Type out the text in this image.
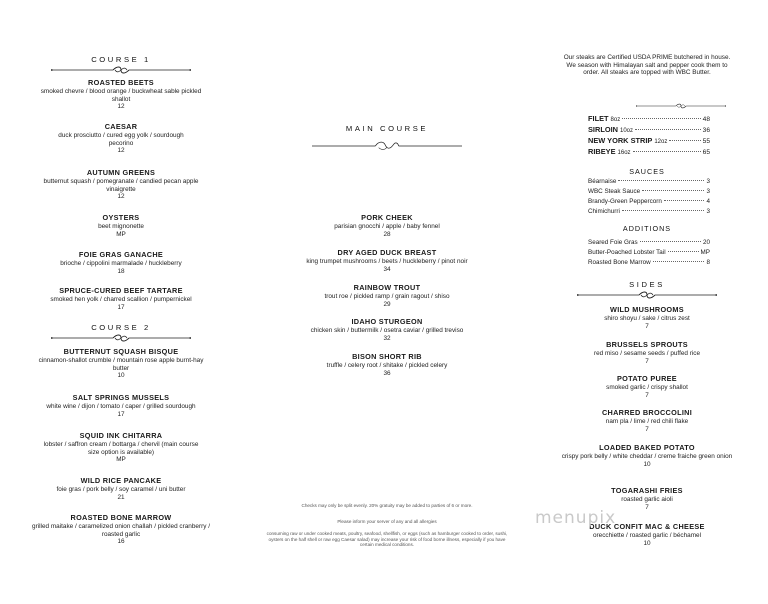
COURSE 1
ROASTED BEETS
smoked chevre / blood orange / buckwheat sable pickled shallot
12
CAESAR
duck prosciutto / cured egg yolk / sourdough pecorino
12
AUTUMN GREENS
butternut squash / pomegranate / candied pecan apple vinaigrette
12
OYSTERS
beet mignonette
MP
FOIE GRAS GANACHE
brioche / cippolini marmalade / huckleberry
18
SPRUCE-CURED BEEF TARTARE
smoked hen yolk / charred scallion / pumpernickel
17
COURSE 2
BUTTERNUT SQUASH BISQUE
cinnamon-shallot crumble / mountain rose apple burnt-hay butter
10
SALT SPRINGS MUSSELS
white wine / dijon / tomato / caper / grilled sourdough
17
SQUID INK CHITARRA
lobster / saffron cream / bottarga / chervil (main course size option is available)
MP
WILD RICE PANCAKE
foie gras / pork belly / soy caramel / uni butter
21
ROASTED BONE MARROW
grilled maitake / caramelized onion challah / pickled cranberry / roasted garlic
16
MAIN COURSE
PORK CHEEK
parisian gnocchi / apple / baby fennel
28
DRY AGED DUCK BREAST
king trumpet mushrooms / beets / huckleberry / pinot noir
34
RAINBOW TROUT
trout roe / pickled ramp / grain ragout / shiso
29
IDAHO STURGEON
chicken skin / buttermilk / osetra caviar / grilled treviso
32
BISON SHORT RIB
truffle / celery root / shitake / pickled celery
36
Checks may only be split evenly. 20% gratuity may be added to parties of 6 or more.
Please inform your server of any and all allergies
consuming raw or under cooked meats, poultry, seafood, shellfish, or eggs (such as hamburger cooked to order, sushi, oysters on the half shell or raw egg Caesar salad) may increase your risk of food borne illness, especially if you have certain medical conditions.
Our steaks are Certified USDA PRIME butchered in house. We season with Himalayan salt and pepper cook them to order. All steaks are topped with WBC Butter.
FILET 8oz	48
SIRLOIN 10oz	36
NEW YORK STRIP 12oz	55
RIBEYE 16oz	65
SAUCES
Béarnaise	3
WBC Steak Sauce	3
Brandy-Green Peppercorn	4
Chimichurri	3
ADDITIONS
Seared Foie Gras	20
Butter-Poached Lobster Tail	MP
Roasted Bone Marrow	8
SIDES
WILD MUSHROOMS
shiro shoyu / sake / citrus zest
7
BRUSSELS SPROUTS
red miso / sesame seeds / puffed rice
7
POTATO PUREE
smoked garlic / crispy shallot
7
CHARRED BROCCOLINI
nam pla / lime / red chili flake
7
LOADED BAKED POTATO
crispy pork belly / white cheddar / creme fraiche green onion
10
TOGARASHI FRIES
roasted garlic aioli
7
DUCK CONFIT MAC & CHEESE
orecchiette / roasted garlic / béchamel
10
menupix
